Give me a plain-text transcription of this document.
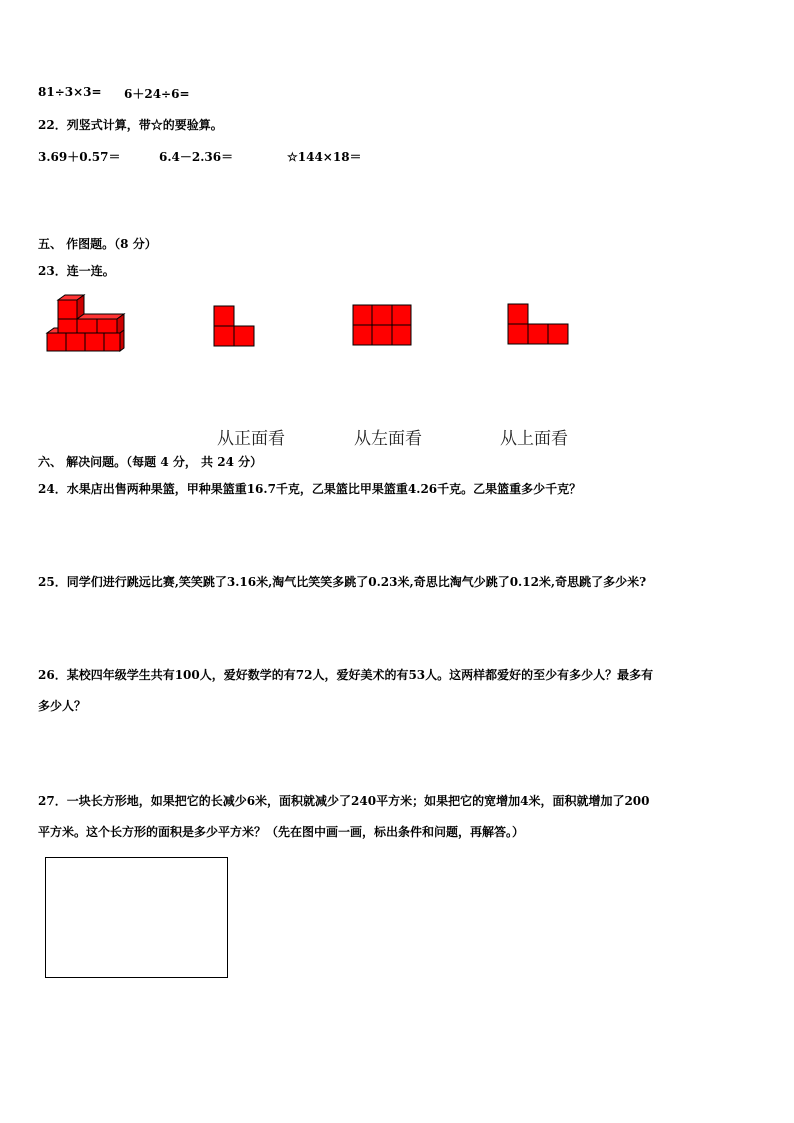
81÷3×3= 6＋24÷6=
22．列竖式计算，带☆的要验算。
3.69＋0.57＝	6.4－2.36＝	☆144×18＝
五、 作图题。（8 分）
23．连一连。
从正面看	从左面看	从上面看
六、 解决问题。（每题 4 分， 共 24 分）
24．水果店出售两种果篮，甲种果篮重16.7千克，乙果篮比甲果篮重4.26千克。乙果篮重多少千克？
25．同学们进行跳远比赛,笑笑跳了3.16米,淘气比笑笑多跳了0.23米,奇思比淘气少跳了0.12米,奇思跳了多少米?
26．某校四年级学生共有100人，爱好数学的有72人，爱好美术的有53人。这两样都爱好的至少有多少人？最多有
多少人？
27．一块长方形地，如果把它的长减少6米，面积就减少了240平方米；如果把它的宽增加4米，面积就增加了200
平方米。这个长方形的面积是多少平方米？（先在图中画一画，标出条件和问题，再解答。）
